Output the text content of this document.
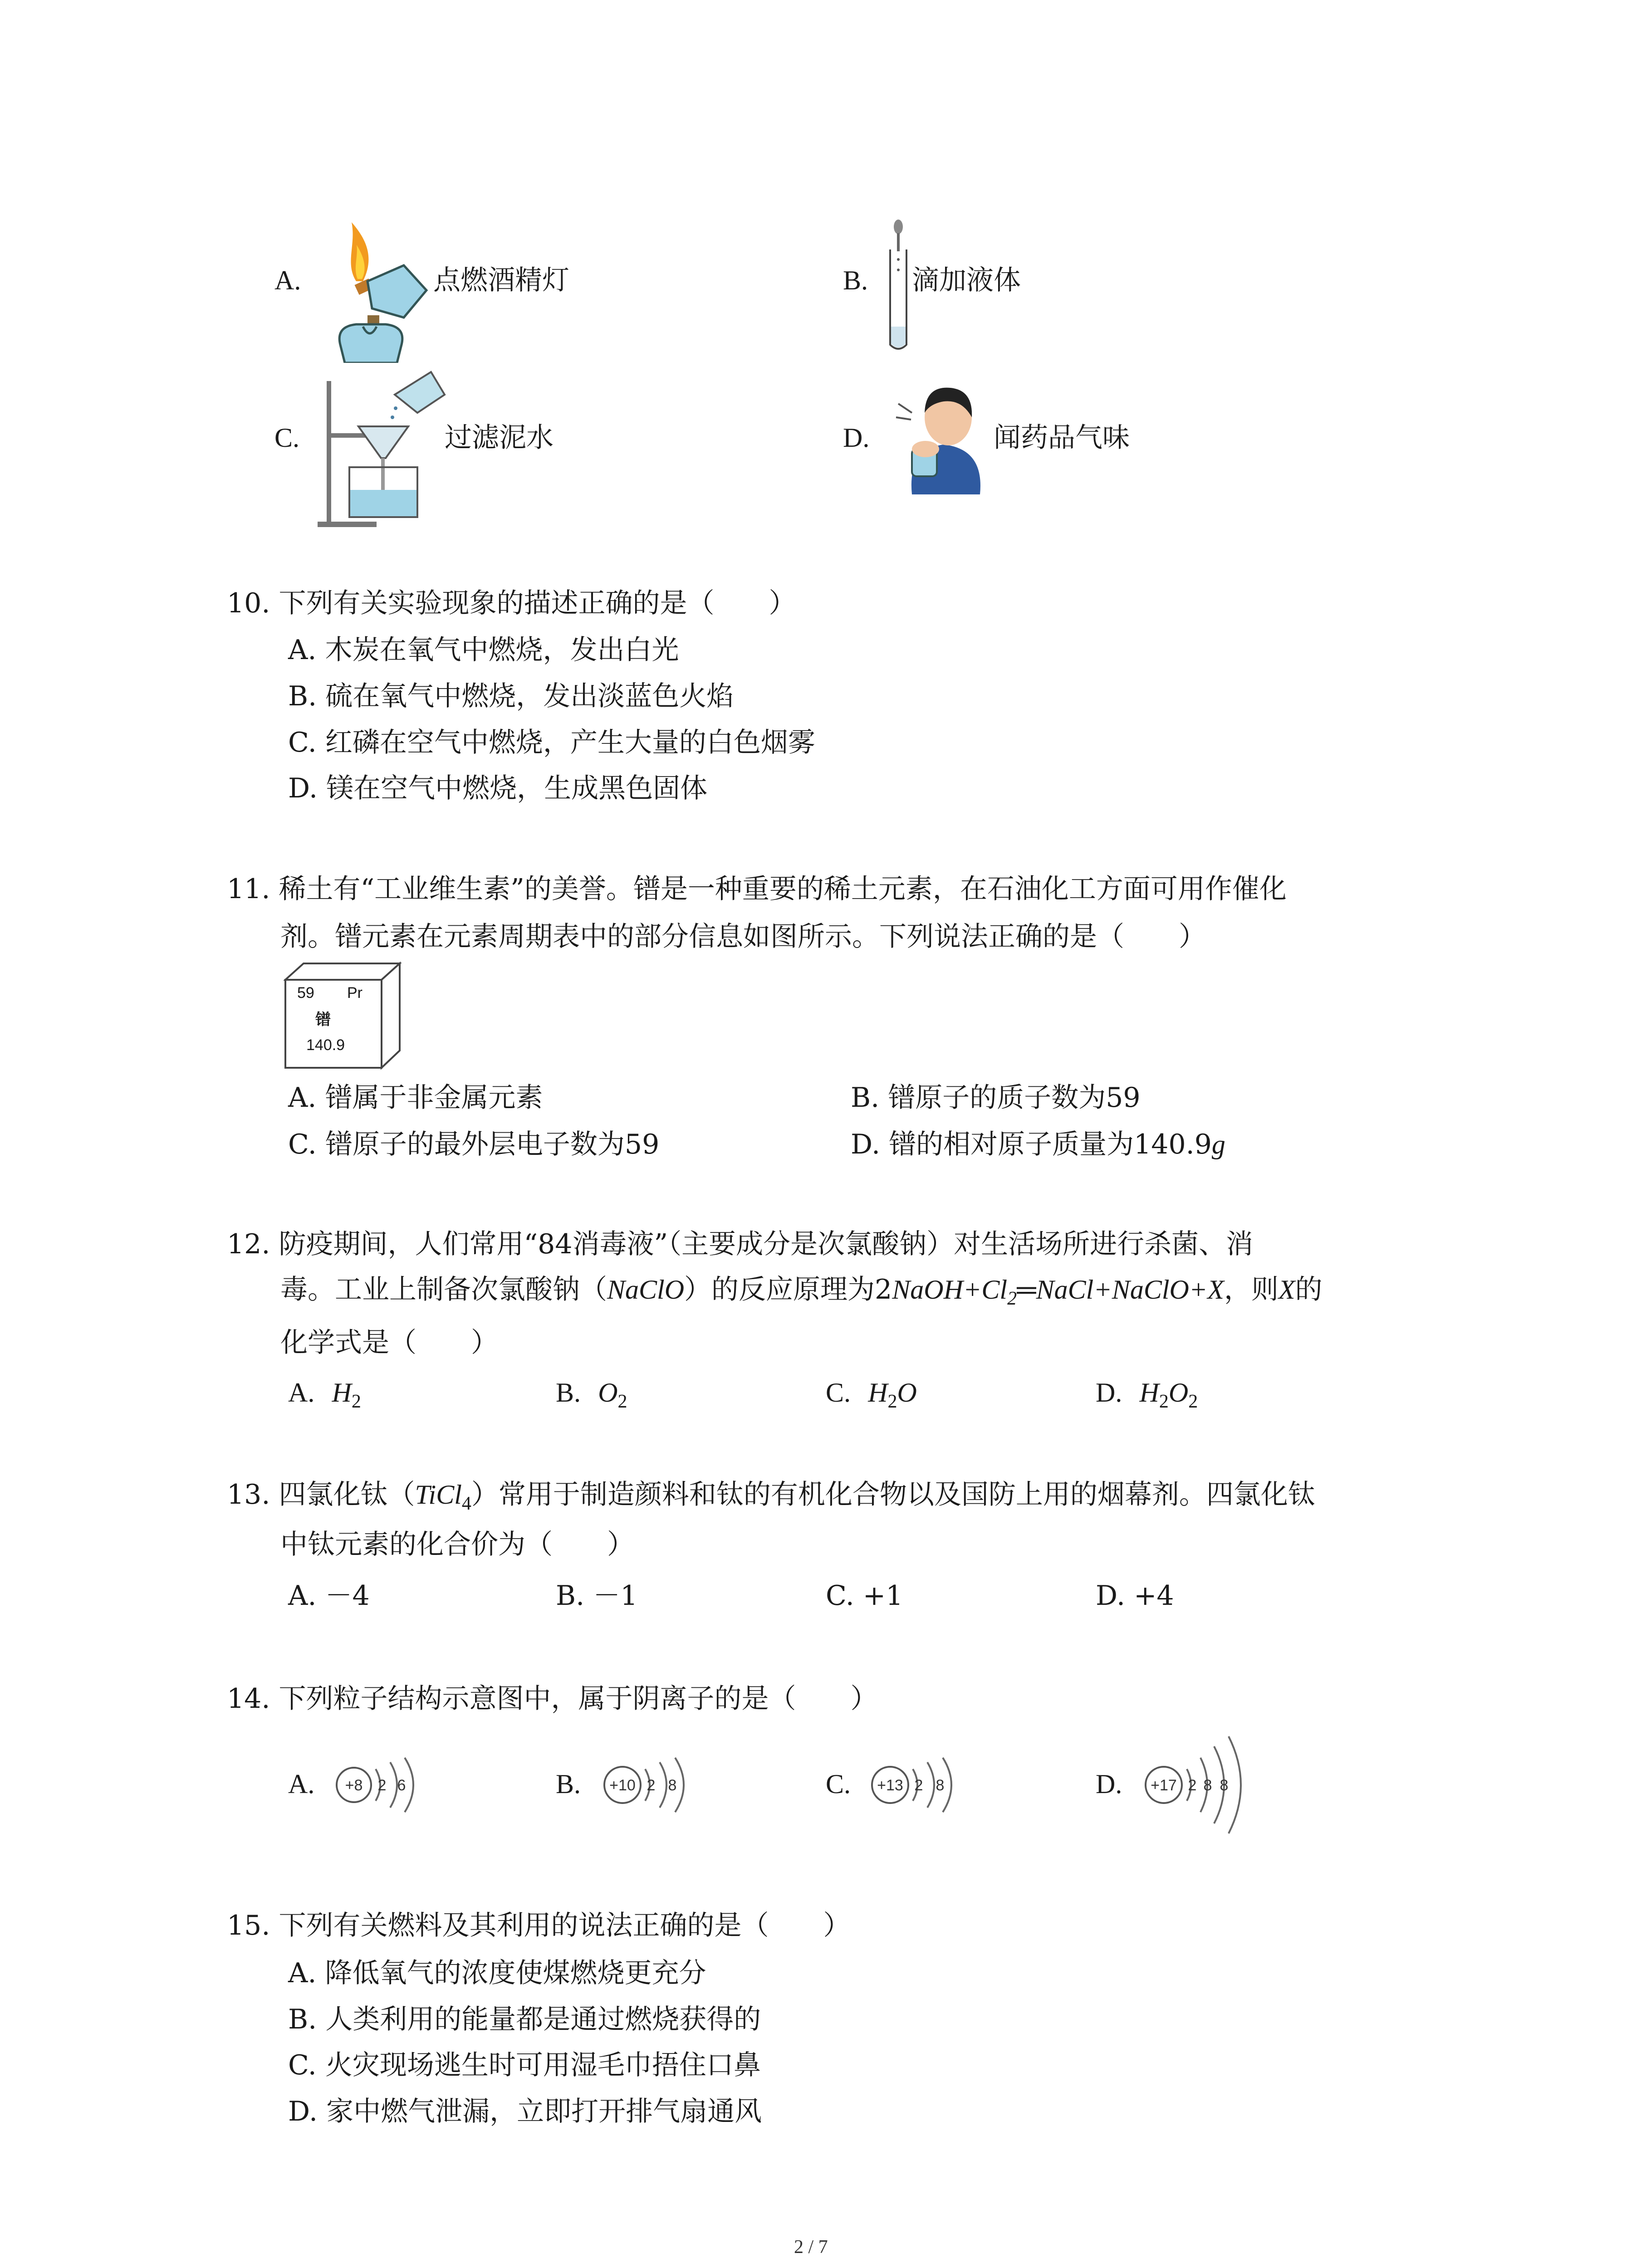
A.	点燃酒精灯	B. 滴加液体
C.	过滤泥水	D.	闻药品气味
10. 下列有关实验现象的描述正确的是（　　）
A. 木炭在氧气中燃烧，发出白光
B. 硫在氧气中燃烧，发出淡蓝色火焰
C. 红磷在空气中燃烧，产生大量的白色烟雾
D. 镁在空气中燃烧，生成黑色固体
11. 稀土有“工业维生素”的美誉。镨是一种重要的稀土元素，在石油化工方面可用作催化
剂。镨元素在元素周期表中的部分信息如图所示。下列说法正确的是（　　）
59 Pr
镨
140.9
A. 镨属于非金属元素	B. 镨原子的质子数为59
C. 镨原子的最外层电子数为59	D. 镨的相对原子质量为140.9g
12. 防疫期间，人们常用“84消毒液”（主要成分是次氯酸钠）对生活场所进行杀菌、消
毒。工业上制备次氯酸钠（NaClO）的反应原理为$2NaOH+Cl_2═NaCl+NaClO+X$，则X的
化学式是（　　）
A. $H_2$	B. $O_2$	C. $H_2O$	D. $H_2O_2$
13. 四氯化钛（TiCl$_4$）常用于制造颜料和钛的有机化合物以及国防上用的烟幕剂。四氯化钛
中钛元素的化合价为（　　）
A. －4	B. －1	C. +1	D. +4
14. 下列粒子结构示意图中，属于阴离子的是（　　）
A. +8 2 6	B. +10 2 8	C. +13 2 8	D. +17 2 8 8
15. 下列有关燃料及其利用的说法正确的是（　　）
A. 降低氧气的浓度使煤燃烧更充分
B. 人类利用的能量都是通过燃烧获得的
C. 火灾现场逃生时可用湿毛巾捂住口鼻
D. 家中燃气泄漏，立即打开排气扇通风
2 / 7
